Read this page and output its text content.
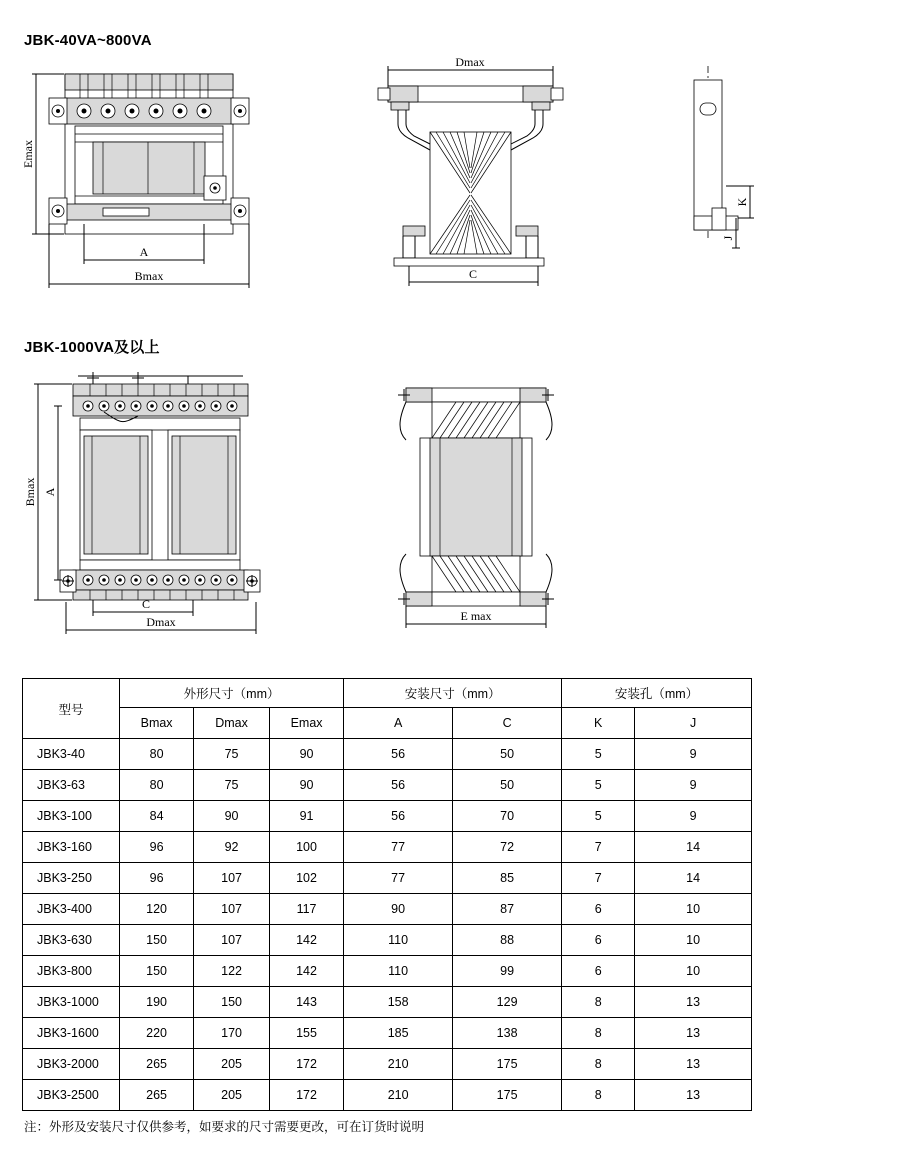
JBK-40VA~800VA
Emax
A
Bmax
Dmax
C
K
J
JBK-1000VA及以上
Bmax A
C
Dmax	E max
型号	外形尺寸（mm）			安装尺寸（mm）		安装孔（mm）	
	Bmax	Dmax	Emax	A	C	K	J
JBK3-40	80	75	90	56	50	5	9
JBK3-63	80	75	90	56	50	5	9
JBK3-100	84	90	91	56	70	5	9
JBK3-160	96	92	100	77	72	7	14
JBK3-250	96	107	102	77	85	7	14
JBK3-400	120	107	117	90	87	6	10
JBK3-630	150	107	142	110	88	6	10
JBK3-800	150	122	142	110	99	6	10
JBK3-1000	190	150	143	158	129	8	13
JBK3-1600	220	170	155	185	138	8	13
JBK3-2000	265	205	172	210	175	8	13
JBK3-2500	265	205	172	210	175	8	13
注：外形及安装尺寸仅供参考，如要求的尺寸需要更改，可在订货时说明
